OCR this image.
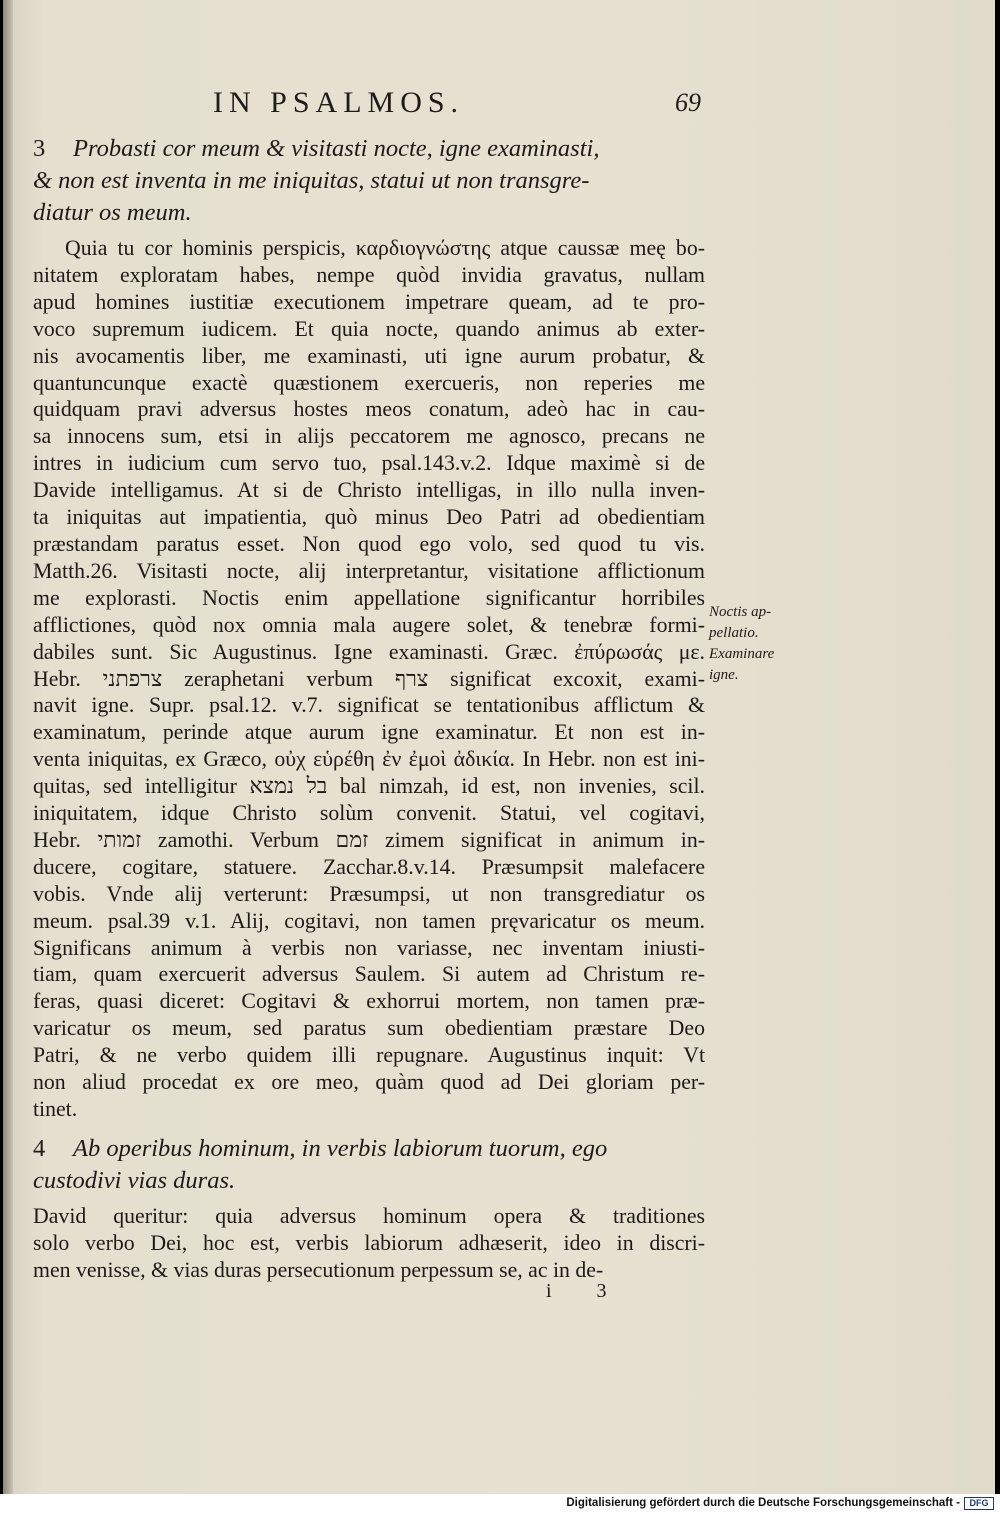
IN PSALMOS.	69
3 Probasti cor meum & visitasti nocte, igne examinasti,
& non est inventa in me iniquitas, statui ut non transgre-
diatur os meum.
Quia tu cor hominis perspicis, καρδιογνώστης atque caussæ meę bo-
nitatem exploratam habes, nempe quòd invidia gravatus, nullam
apud homines iustitiæ executionem impetrare queam, ad te pro-
voco supremum iudicem. Et quia nocte, quando animus ab exter-
nis avocamentis liber, me examinasti, uti igne aurum probatur, &
quantuncunque exactè quæstionem exercueris, non reperies me
quidquam pravi adversus hostes meos conatum, adeò hac in cau-
sa innocens sum, etsi in alijs peccatorem me agnosco, precans ne
intres in iudicium cum servo tuo, psal.143.v.2. Idque maximè si de
Davide intelligamus. At si de Christo intelligas, in illo nulla inven-
ta iniquitas aut impatientia, quò minus Deo Patri ad obedientiam
præstandam paratus esset. Non quod ego volo, sed quod tu vis.
Matth.26. Visitasti nocte, alij interpretantur, visitatione afflictionum
me explorasti. Noctis enim appellatione significantur horribiles
afflictiones, quòd nox omnia mala augere solet, & tenebræ formi-
dabiles sunt. Sic Augustinus. Igne examinasti. Græc. ἐπύρωσάς με.
Hebr. צרפתני zeraphetani verbum צרף significat excoxit, exami-
navit igne. Supr. psal.12. v.7. significat se tentationibus afflictum &
examinatum, perinde atque aurum igne examinatur. Et non est in-
venta iniquitas, ex Græco, οὐχ εὑρέθη ἐν ἐμοὶ ἀδικία. In Hebr. non est ini-
quitas, sed intelligitur בל נמצא bal nimzah, id est, non invenies, scil.
iniquitatem, idque Christo solùm convenit. Statui, vel cogitavi,
Hebr. זמותי zamothi. Verbum זמם zimem significat in animum in-
ducere, cogitare, statuere. Zacchar.8.v.14. Præsumpsit malefacere
vobis. Vnde alij verterunt: Præsumpsi, ut non transgrediatur os
meum. psal.39 v.1. Alij, cogitavi, non tamen pręvaricatur os meum.
Significans animum à verbis non variasse, nec inventam iniusti-
tiam, quam exercuerit adversus Saulem. Si autem ad Christum re-
feras, quasi diceret: Cogitavi & exhorrui mortem, non tamen præ-
varicatur os meum, sed paratus sum obedientiam præstare Deo
Patri, & ne verbo quidem illi repugnare. Augustinus inquit: Vt
non aliud procedat ex ore meo, quàm quod ad Dei gloriam per-
tinet.
4 Ab operibus hominum, in verbis labiorum tuorum, ego
custodivi vias duras.
David queritur: quia adversus hominum opera & traditiones
solo verbo Dei, hoc est, verbis labiorum adhæserit, ideo in discri-
men venisse, & vias duras persecutionum perpessum se, ac in de-
Noctis ap-
pellatio.
Examinare
igne.
i 3
Digitalisierung gefördert durch die Deutsche Forschungsgemeinschaft -	DFG
